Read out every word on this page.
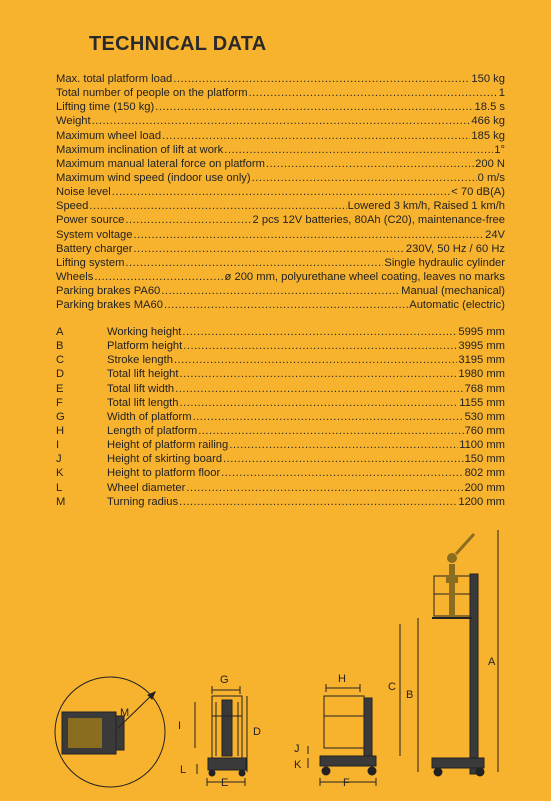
TECHNICAL DATA
Max. total platform load .....	150 kg
Total number of people on the platform .....	1
Lifting time (150 kg) .....	18.5 s
Weight .....	466 kg
Maximum wheel load .....	185 kg
Maximum inclination of lift at work .....	1°
Maximum manual lateral force on platform .....	200 N
Maximum wind speed (indoor use only) .....	0 m/s
Noise level .....	< 70 dB(A)
Speed .....	Lowered 3 km/h, Raised 1 km/h
Power source .....	2 pcs 12V batteries, 80Ah (C20), maintenance-free
System voltage .....	24V
Battery charger .....	230V, 50 Hz / 60 Hz
Lifting system .....	Single hydraulic cylinder
Wheels .....	ø 200 mm, polyurethane wheel coating, leaves no marks
Parking brakes PA60 .....	Manual (mechanical)
Parking brakes MA60 .....	Automatic (electric)
A	Working height .....	5995 mm
B	Platform height .....	3995 mm
C	Stroke length .....	3195 mm
D	Total lift height .....	1980 mm
E	Total lift width .....	768 mm
F	Total lift length .....	1155 mm
G	Width of platform .....	530 mm
H	Length of platform .....	760 mm
I	Height of platform railing .....	1100 mm
J	Height of skirting board .....	150 mm
K	Height to platform floor .....	802 mm
L	Wheel diameter .....	200 mm
M	Turning radius .....	1200 mm
M
G
I	D
L
E
H
J
K
F
C
A
B
